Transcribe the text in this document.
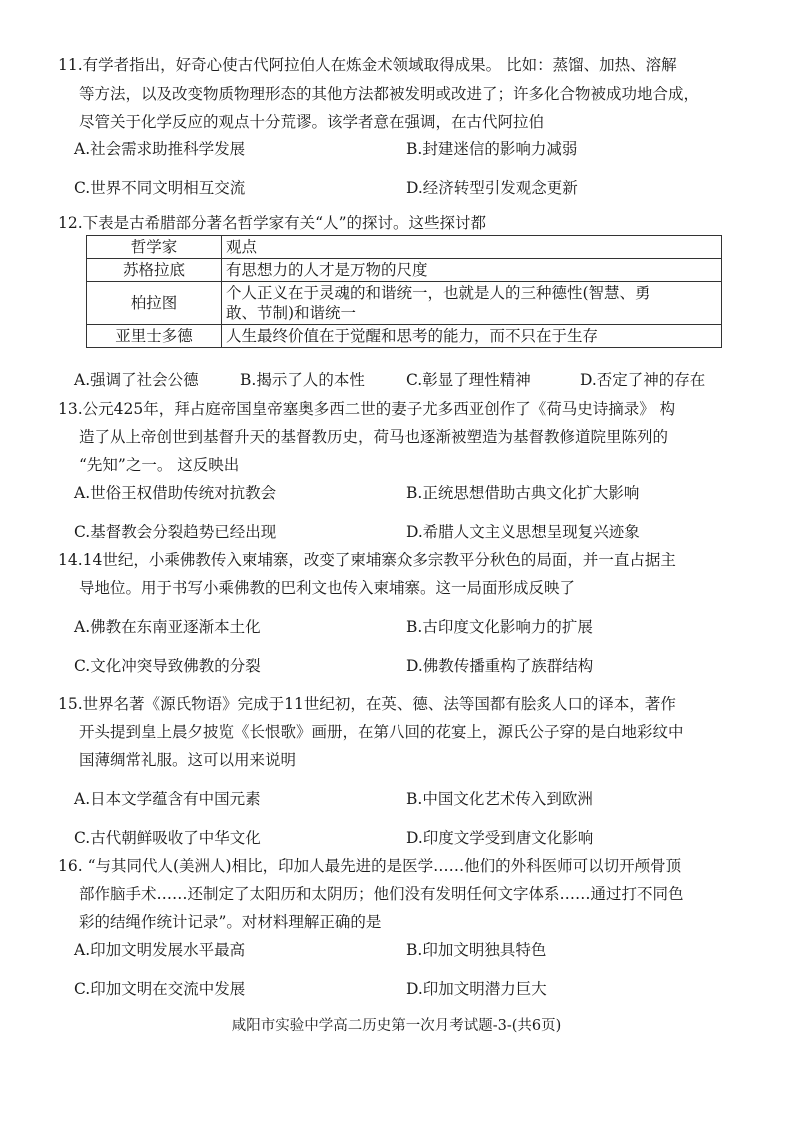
11.有学者指出，好奇心使古代阿拉伯人在炼金术领域取得成果。 比如：蒸馏、加热、溶解
等方法，以及改变物质物理形态的其他方法都被发明或改进了；许多化合物被成功地合成，
尽管关于化学反应的观点十分荒谬。该学者意在强调，在古代阿拉伯
A.社会需求助推科学发展	B.封建迷信的影响力减弱
C.世界不同文明相互交流	D.经济转型引发观念更新
12.下表是古希腊部分著名哲学家有关“人”的探讨。这些探讨都
哲学家	观点
苏格拉底	有思想力的人才是万物的尺度
柏拉图	个人正义在于灵魂的和谐统一，也就是人的三种德性(智慧、勇
敢、节制)和谐统一

亚里士多德	人生最终价值在于觉醒和思考的能力，而不只在于生存
A.强调了社会公德	B.揭示了人的本性	C.彰显了理性精神	D.否定了神的存在
13.公元425年，拜占庭帝国皇帝塞奥多西二世的妻子尤多西亚创作了《荷马史诗摘录》 构
造了从上帝创世到基督升天的基督教历史，荷马也逐渐被塑造为基督教修道院里陈列的
“先知”之一。 这反映出
A.世俗王权借助传统对抗教会	B.正统思想借助古典文化扩大影响
C.基督教会分裂趋势已经出现	D.希腊人文主义思想呈现复兴迹象
14.14世纪，小乘佛教传入柬埔寨，改变了柬埔寨众多宗教平分秋色的局面，并一直占据主
导地位。用于书写小乘佛教的巴利文也传入柬埔寨。这一局面形成反映了
A.佛教在东南亚逐渐本土化	B.古印度文化影响力的扩展
C.文化冲突导致佛教的分裂	D.佛教传播重构了族群结构
15.世界名著《源氏物语》完成于11世纪初，在英、德、法等国都有脍炙人口的译本，著作
开头提到皇上晨夕披览《长恨歌》画册，在第八回的花宴上，源氏公子穿的是白地彩纹中
国薄绸常礼服。这可以用来说明
A.日本文学蕴含有中国元素	B.中国文化艺术传入到欧洲
C.古代朝鲜吸收了中华文化	D.印度文学受到唐文化影响
16. “与其同代人(美洲人)相比，印加人最先进的是医学……他们的外科医师可以切开颅骨顶
部作脑手术……还制定了太阳历和太阴历；他们没有发明任何文字体系……通过打不同色
彩的结绳作统计记录”。对材料理解正确的是
A.印加文明发展水平最高	B.印加文明独具特色
C.印加文明在交流中发展	D.印加文明潜力巨大
咸阳市实验中学高二历史第一次月考试题-3-(共6页)
